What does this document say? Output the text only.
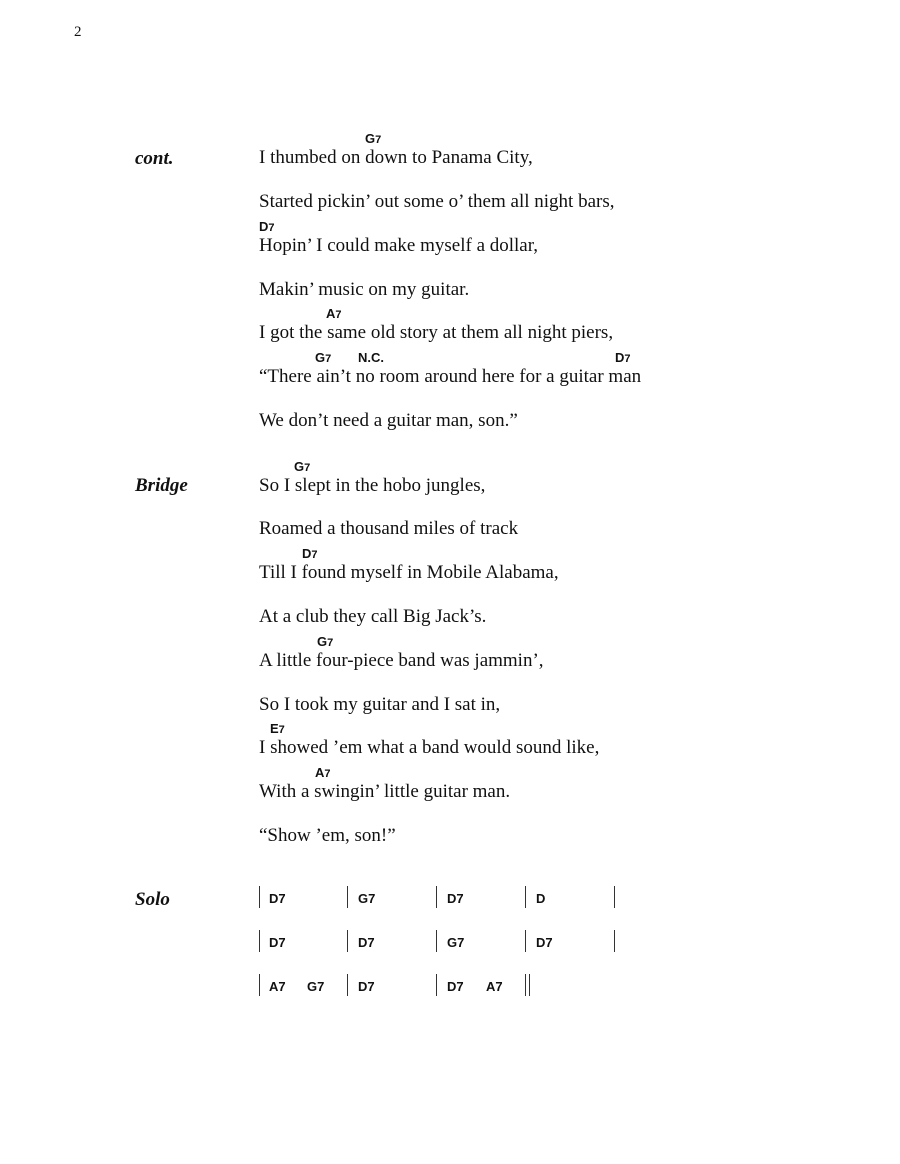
2
cont.
Bridge
Solo
G7
D7
A7
G7 N.C.	D7
G7
D7
G7
E7
A7
I thumbed on down to Panama City,
Started pickin’ out some o’ them all night bars,
Hopin’ I could make myself a dollar,
Makin’ music on my guitar.
I got the same old story at them all night piers,
“There ain’t no room around here for a guitar man
We don’t need a guitar man, son.”
So I slept in the hobo jungles,
Roamed a thousand miles of track
Till I found myself in Mobile Alabama,
At a club they call Big Jack’s.
A little four-piece band was jammin’,
So I took my guitar and I sat in,
I showed ’em what a band would sound like,
With a swingin’ little guitar man.
“Show ’em, son!”
D7	G7	D7	D
D7	D7	G7	D7
A7 G7	D7	D7 A7
